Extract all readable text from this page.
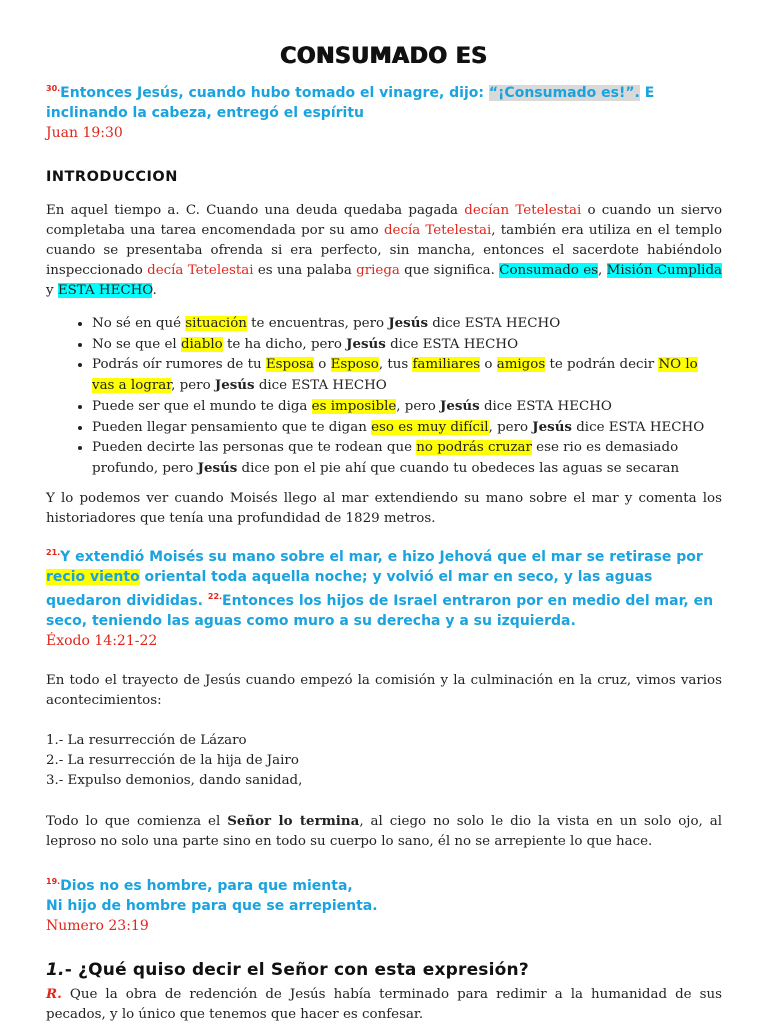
CONSUMADO ES
$^{30.}$Entonces Jesús, cuando hubo tomado el vinagre, dijo: “¡Consumado es!”. E inclinando la cabeza, entregó el espíritu
Juan 19:30
INTRODUCCION

En aquel tiempo a. C. Cuando una deuda quedaba pagada decían Tetelestai o cuando un siervo completaba una tarea encomendada por su amo decía Tetelestai, también era utiliza en el templo cuando se presentaba ofrenda si era perfecto, sin mancha, entonces el sacerdote habiéndolo inspeccionado decía Tetelestai es una palaba griega que significa. Consumado es, Misión Cumplida y ESTA HECHO.

• No sé en qué situación te encuentras, pero Jesús dice ESTA HECHO
• No se que el diablo te ha dicho, pero Jesús dice ESTA HECHO
• Podrás oír rumores de tu Esposa o Esposo, tus familiares o amigos te podrán decir NO lo vas a lograr, pero Jesús dice ESTA HECHO
• Puede ser que el mundo te diga es imposible, pero Jesús dice ESTA HECHO
• Pueden llegar pensamiento que te digan eso es muy difícil, pero Jesús dice ESTA HECHO
• Pueden decirte las personas que te rodean que no podrás cruzar ese rio es demasiado profundo, pero Jesús dice pon el pie ahí que cuando tu obedeces las aguas se secaran

Y lo podemos ver cuando Moisés llego al mar extendiendo su mano sobre el mar y comenta los historiadores que tenía una profundidad de 1829 metros.

$^{21.}$Y extendió Moisés su mano sobre el mar, e hizo Jehová que el mar se retirase por recio viento oriental toda aquella noche; y volvió el mar en seco, y las aguas quedaron divididas. $^{22.}$Entonces los hijos de Israel entraron por en medio del mar, en seco, teniendo las aguas como muro a su derecha y a su izquierda.
Éxodo 14:21-22

En todo el trayecto de Jesús cuando empezó la comisión y la culminación en la cruz, vimos varios acontecimientos:

1.- La resurrección de Lázaro
2.- La resurrección de la hija de Jairo
3.- Expulso demonios, dando sanidad,

Todo lo que comienza el Señor lo termina, al ciego no solo le dio la vista en un solo ojo, al leproso no solo una parte sino en todo su cuerpo lo sano, él no se arrepiente lo que hace.

$^{19.}$Dios no es hombre, para que mienta,
Ni hijo de hombre para que se arrepienta.
Numero 23:19
1.- ¿Qué quiso decir el Señor con esta expresión?

R. Que la obra de redención de Jesús había terminado para redimir a la humanidad de sus pecados, y lo único que tenemos que hacer es confesar.
